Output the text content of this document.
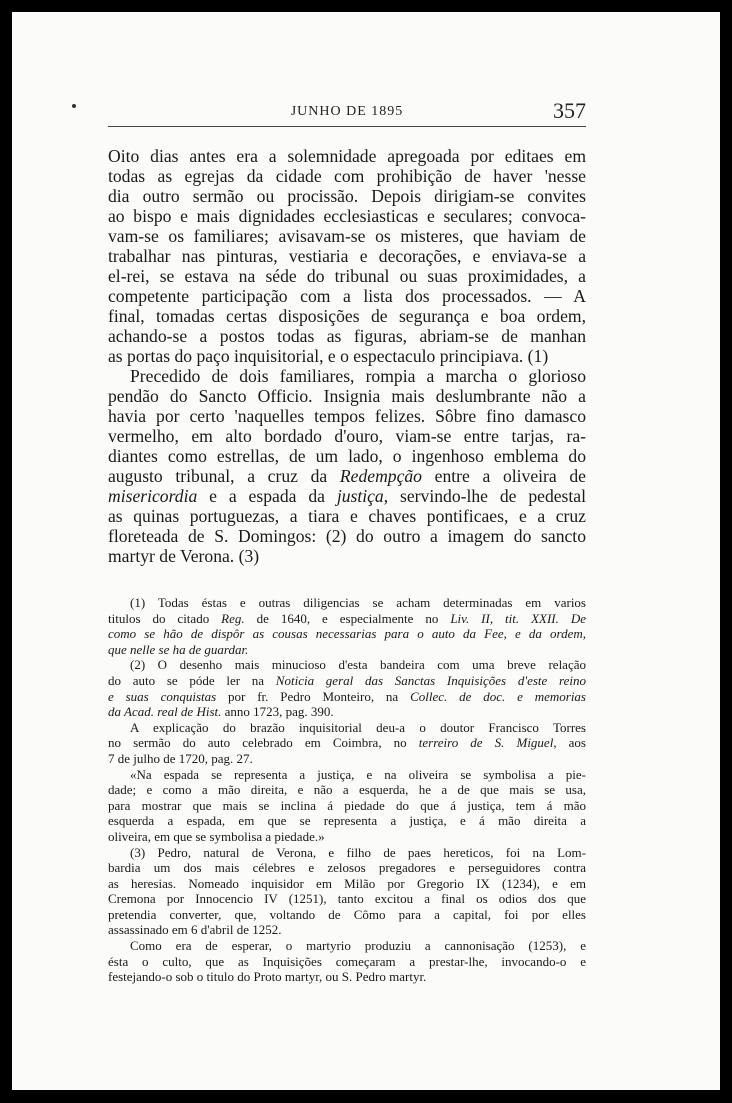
JUNHO DE 1895	357

Oito dias antes era a solemnidade apregoada por editaes em
todas as egrejas da cidade com prohibição de haver 'nesse
dia outro sermão ou procissão. Depois dirigiam-se convites
ao bispo e mais dignidades ecclesiasticas e seculares; convoca-
vam-se os familiares; avisavam-se os misteres, que haviam de
trabalhar nas pinturas, vestiaria e decorações, e enviava-se a
el-rei, se estava na séde do tribunal ou suas proximidades, a
competente participação com a lista dos processados. — A
final, tomadas certas disposições de segurança e boa ordem,
achando-se a postos todas as figuras, abriam-se de manhan
as portas do paço inquisitorial, e o espectaculo principiava. (1)

Precedido de dois familiares, rompia a marcha o glorioso
pendão do Sancto Officio. Insignia mais deslumbrante não a
havia por certo 'naquelles tempos felizes. Sôbre fino damasco
vermelho, em alto bordado d'ouro, viam-se entre tarjas, ra-
diantes como estrellas, de um lado, o ingenhoso emblema do
augusto tribunal, a cruz da Redempção entre a oliveira de
misericordia e a espada da justiça, servindo-lhe de pedestal
as quinas portuguezas, a tiara e chaves pontificaes, e a cruz
floreteada de S. Domingos: (2) do outro a imagem do sancto
martyr de Verona. (3)

(1) Todas éstas e outras diligencias se acham determinadas em varios
titulos do citado Reg. de 1640, e especialmente no Liv. II, tit. XXII. De
como se hão de dispôr as cousas necessarias para o auto da Fee, e da ordem,
que nelle se ha de guardar.
(2) O desenho mais minucioso d'esta bandeira com uma breve relação
do auto se póde ler na Noticia geral das Sanctas Inquisições d'este reino
e suas conquistas por fr. Pedro Monteiro, na Collec. de doc. e memorias
da Acad. real de Hist. anno 1723, pag. 390.
A explicação do brazão inquisitorial deu-a o doutor Francisco Torres
no sermão do auto celebrado em Coimbra, no terreiro de S. Miguel, aos
7 de julho de 1720, pag. 27.
«Na espada se representa a justiça, e na oliveira se symbolisa a pie-
dade; e como a mão direita, e não a esquerda, he a de que mais se usa,
para mostrar que mais se inclina á piedade do que á justiça, tem á mão
esquerda a espada, em que se representa a justiça, e á mão direita a
oliveira, em que se symbolisa a piedade.»
(3) Pedro, natural de Verona, e filho de paes hereticos, foi na Lom-
bardia um dos mais célebres e zelosos pregadores e perseguidores contra
as heresias. Nomeado inquisidor em Milão por Gregorio IX (1234), e em
Cremona por Innocencio IV (1251), tanto excitou a final os odios dos que
pretendia converter, que, voltando de Cômo para a capital, foi por elles
assassinado em 6 d'abril de 1252.
Como era de esperar, o martyrio produziu a cannonisação (1253), e
ésta o culto, que as Inquisições começaram a prestar-lhe, invocando-o e
festejando-o sob o titulo do Proto martyr, ou S. Pedro martyr.
